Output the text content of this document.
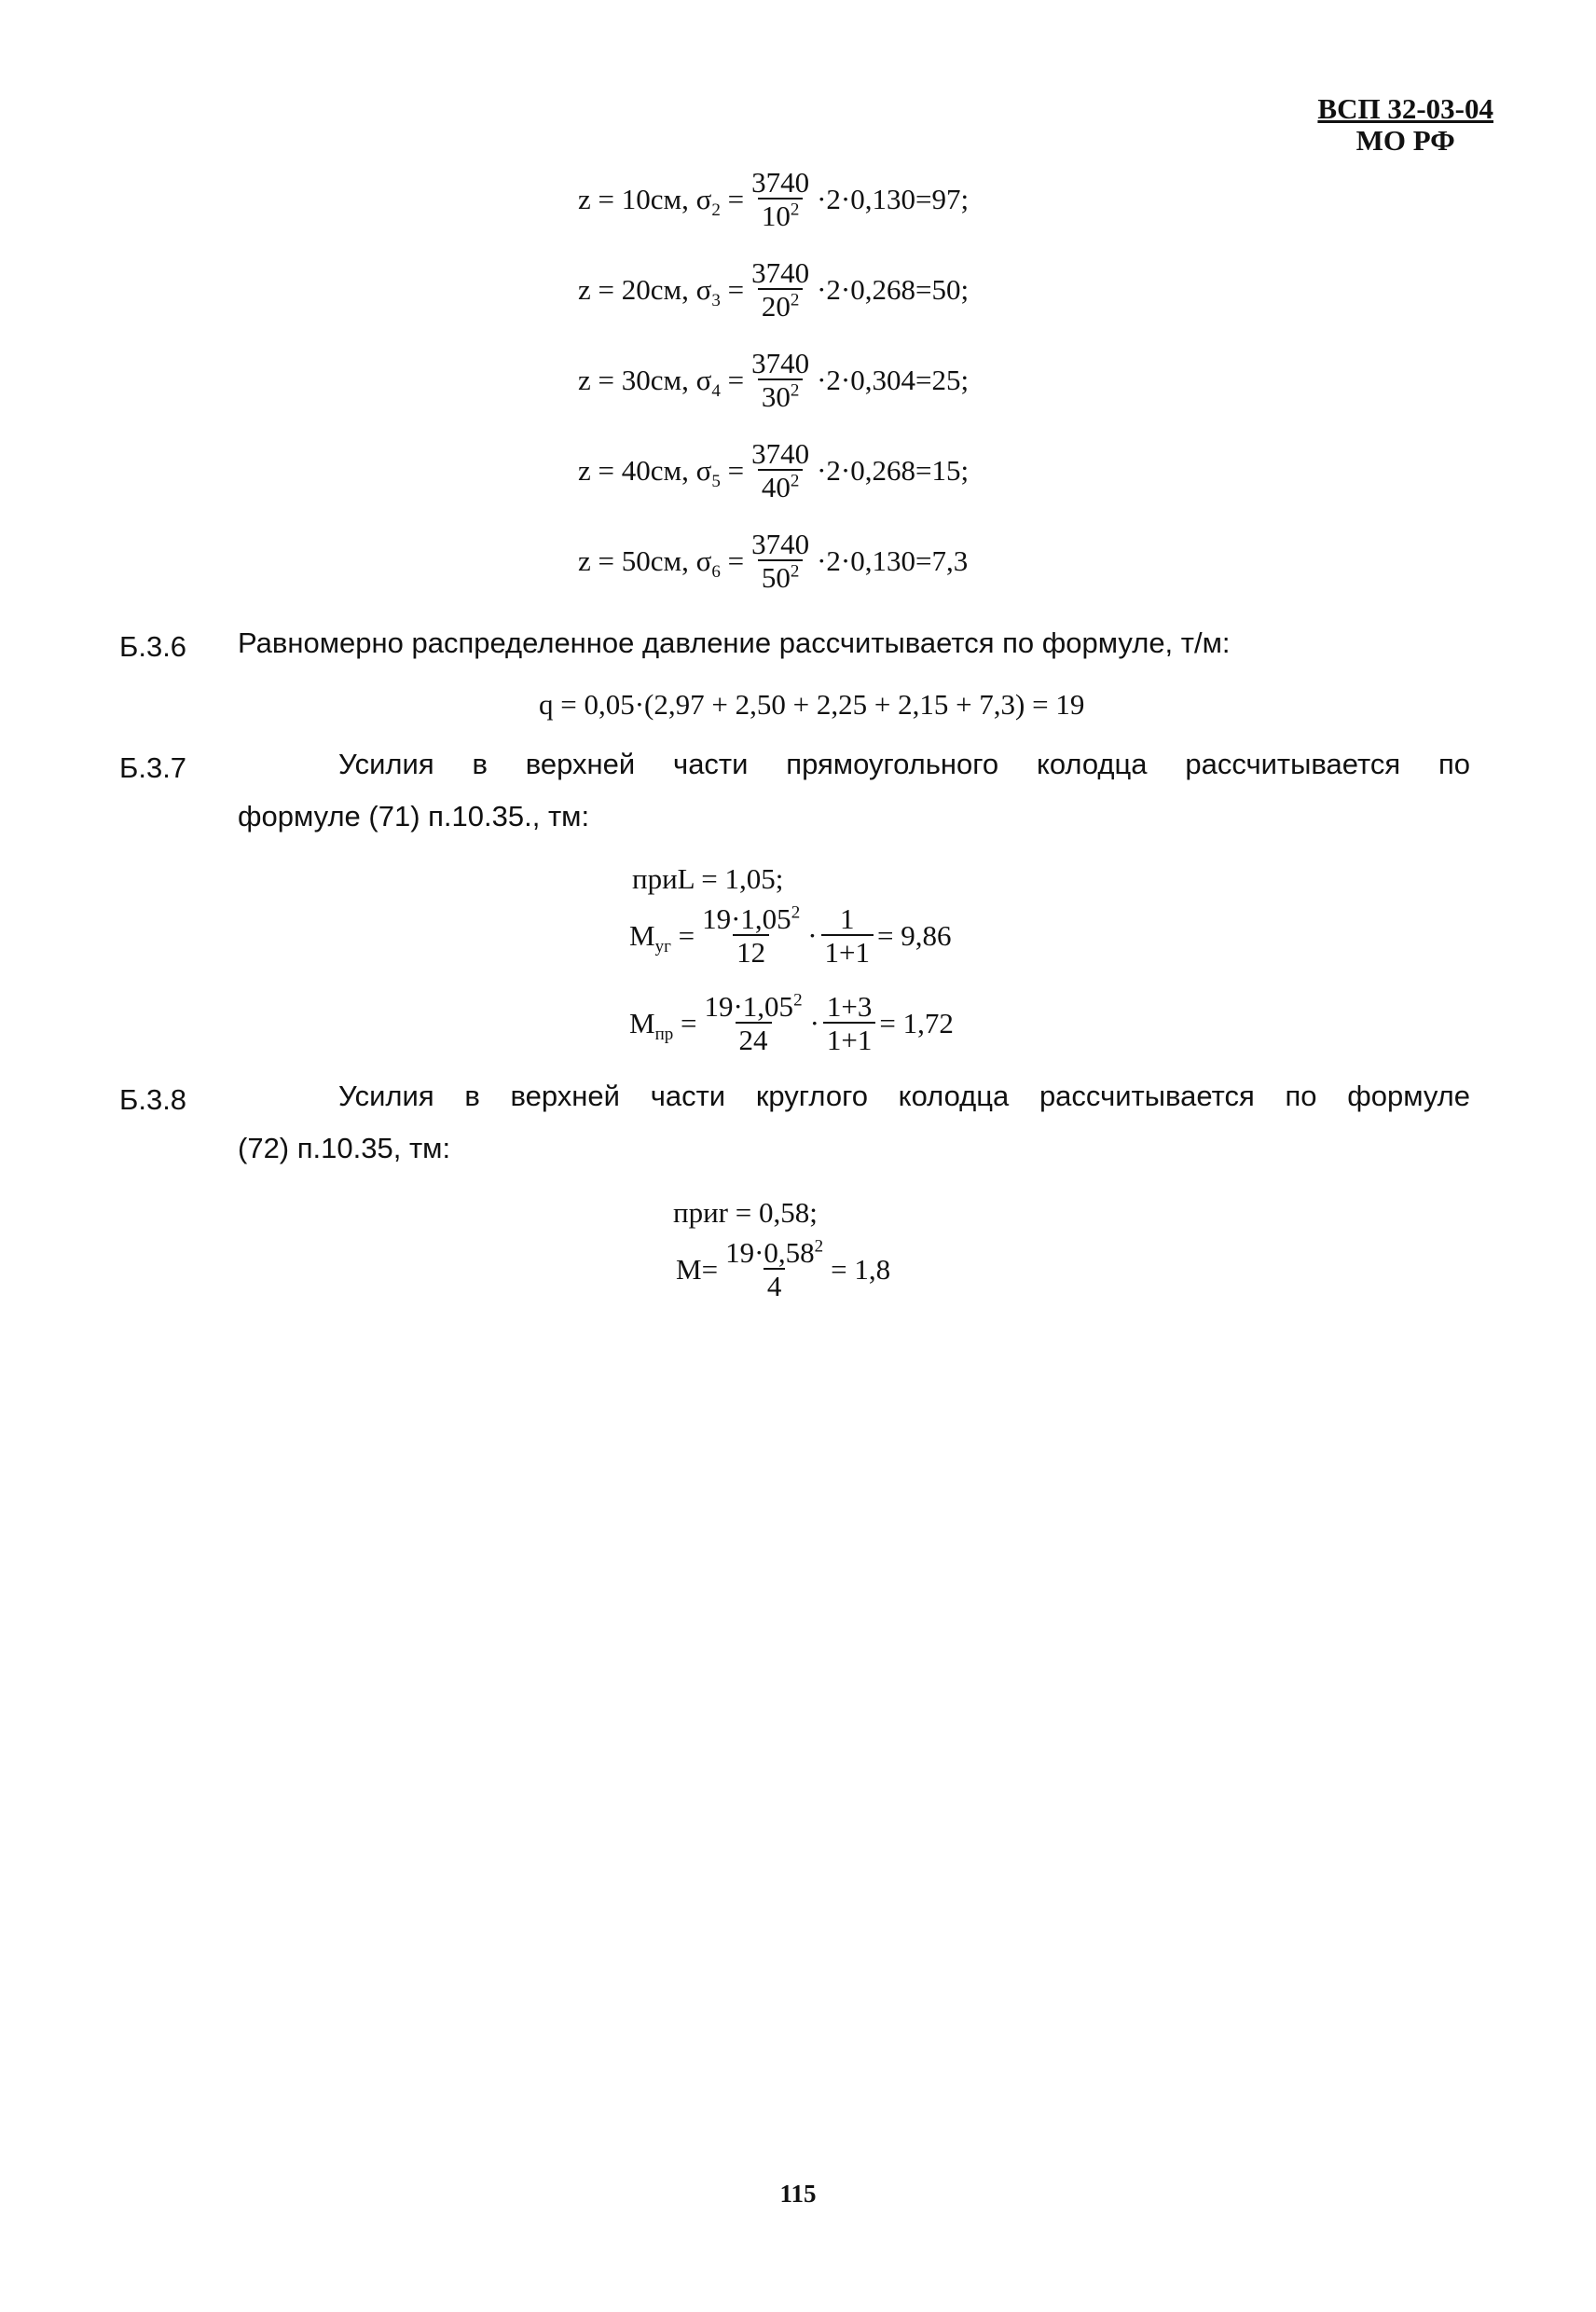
ВСП 32-03-04
МО РФ
z = 10см , $\sigma_2 = \frac{3740}{10^2} \cdot 2\cdot 0,130=97$;
z = 20см , $\sigma_3 = \frac{3740}{20^2} \cdot 2\cdot 0,268=50$;
z = 30см , $\sigma_4 = \frac{3740}{30^2} \cdot 2\cdot 0,304=25$;
z = 40см , $\sigma_5 = \frac{3740}{40^2} \cdot 2\cdot 0,268=15$;
z = 50см , $\sigma_6 = \frac{3740}{50^2} \cdot 2\cdot 0,130=7,3$
Б.3.6 Равномерно распределенное давление рассчитывается по формуле, т/м:
q = 0,05·(2,97 + 2,50 + 2,25 + 2,15 + 7,3) = 19
Б.3.7	Усилия в верхней части прямоугольного колодца рассчитывается по
формуле (71) п.10.35., тм:
приL = 1,05;
$M_{уг} = \frac{19\cdot 1,05^2}{12} \cdot \frac{1}{1+1} = 9,86$
$M_{пр} = \frac{19\cdot 1,05^2}{24} \cdot \frac{1+3}{1+1} = 1,72$
Б.3.8	Усилия в верхней части круглого колодца рассчитывается по формуле
(72) п.10.35, тм:
приr = 0,58;
$M = \frac{19\cdot 0,58^2}{4} = 1,8$
115
